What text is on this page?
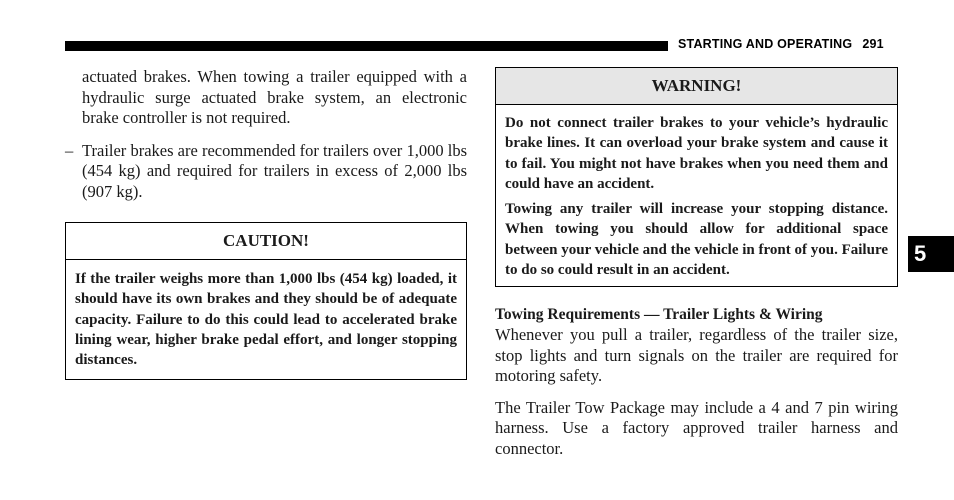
STARTING AND OPERATING 291

actuated brakes. When towing a trailer equipped with a hydraulic surge actuated brake system, an electronic brake controller is not required.

– Trailer brakes are recommended for trailers over 1,000 lbs (454 kg) and required for trailers in excess of 2,000 lbs (907 kg).

CAUTION!

If the trailer weighs more than 1,000 lbs (454 kg) loaded, it should have its own brakes and they should be of adequate capacity. Failure to do this could lead to accelerated brake lining wear, higher brake pedal effort, and longer stopping distances.

WARNING!

Do not connect trailer brakes to your vehicle’s hydraulic brake lines. It can overload your brake system and cause it to fail. You might not have brakes when you need them and could have an accident.

Towing any trailer will increase your stopping distance. When towing you should allow for additional space between your vehicle and the vehicle in front of you. Failure to do so could result in an accident.

Towing Requirements — Trailer Lights & Wiring

Whenever you pull a trailer, regardless of the trailer size, stop lights and turn signals on the trailer are required for motoring safety.

The Trailer Tow Package may include a 4 and 7 pin wiring harness. Use a factory approved trailer harness and connector.

5
